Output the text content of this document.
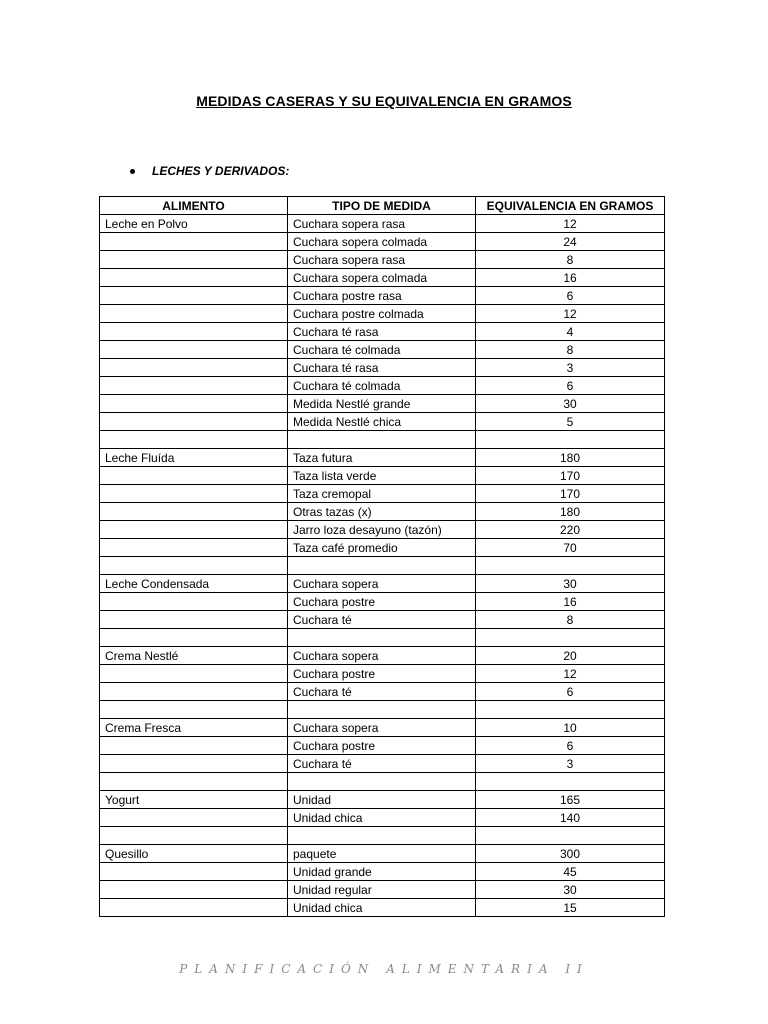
MEDIDAS CASERAS Y SU EQUIVALENCIA EN GRAMOS
LECHES Y DERIVADOS:
ALIMENTO	TIPO DE MEDIDA	EQUIVALENCIA EN GRAMOS
Leche en Polvo	Cuchara sopera rasa	12
	Cuchara sopera colmada	24
	Cuchara sopera rasa	8
	Cuchara sopera colmada	16
	Cuchara postre rasa	6
	Cuchara postre colmada	12
	Cuchara té rasa	4
	Cuchara té colmada	8
	Cuchara té rasa	3
	Cuchara té colmada	6
	Medida Nestlé grande	30
	Medida Nestlé chica	5

Leche Fluída	Taza futura	180
	Taza lista verde	170
	Taza cremopal	170
	Otras tazas (x)	180
	Jarro loza desayuno (tazón)	220
	Taza café promedio	70

Leche Condensada	Cuchara sopera	30
	Cuchara postre	16
	Cuchara té	8

Crema Nestlé	Cuchara sopera	20
	Cuchara postre	12
	Cuchara té	6

Crema Fresca	Cuchara sopera	10
	Cuchara postre	6
	Cuchara té	3

Yogurt	Unidad	165
	Unidad chica	140

Quesillo	paquete	300
	Unidad grande	45
	Unidad regular	30
	Unidad chica	15
PLANIFICACIÓN ALIMENTARIA II
